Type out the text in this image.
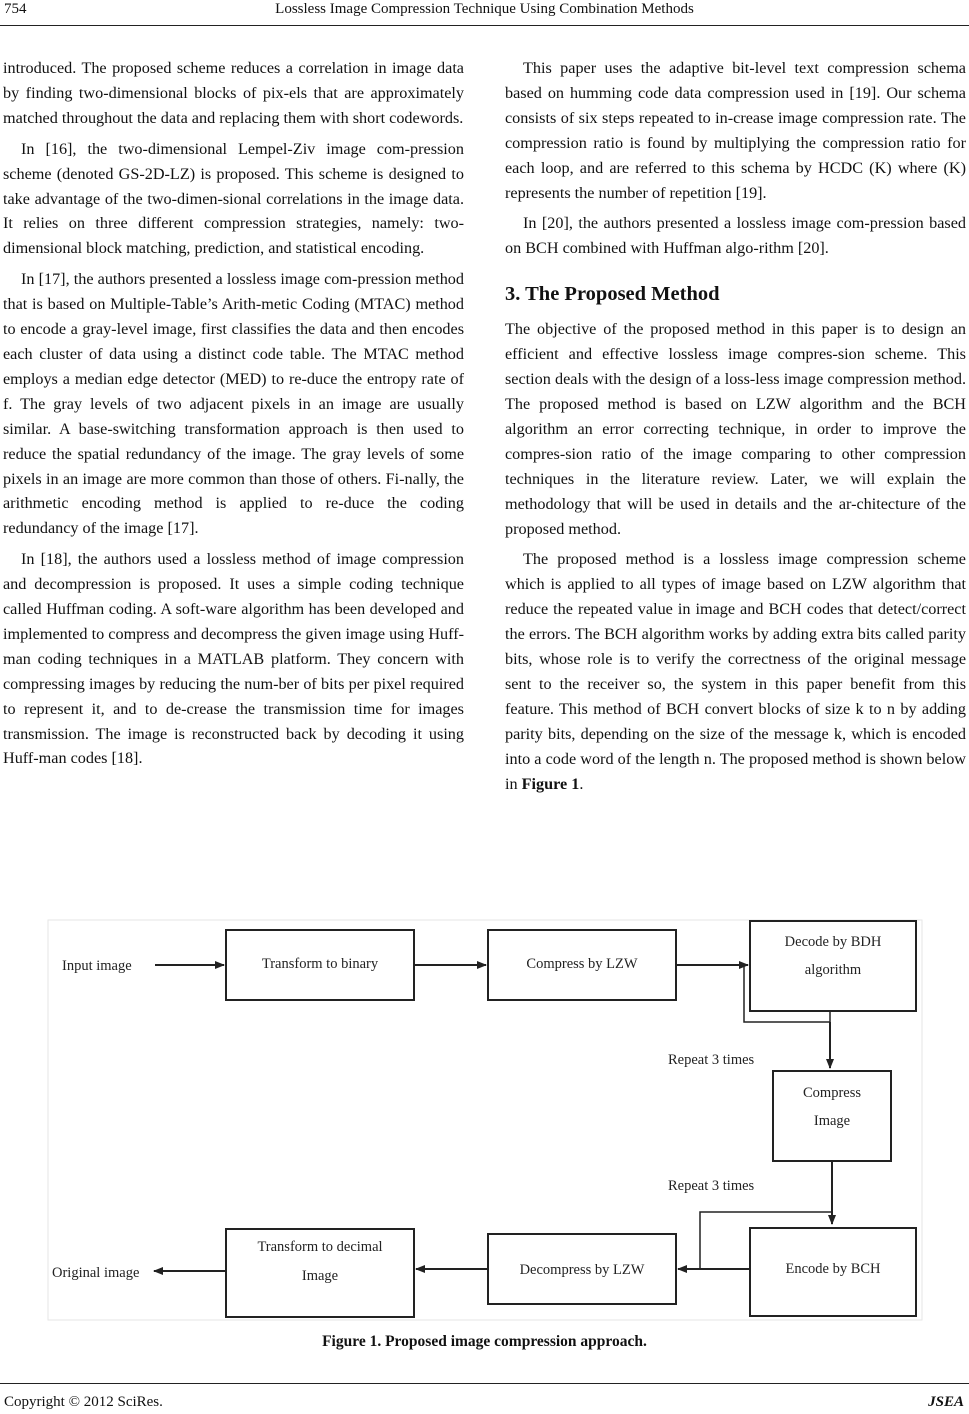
754	Lossless Image Compression Technique Using Combination Methods

introduced. The proposed scheme reduces a correlation in image data by finding two-dimensional blocks of pix-els that are approximately matched throughout the data and replacing them with short codewords.

In [16], the two-dimensional Lempel-Ziv image com-pression scheme (denoted GS-2D-LZ) is proposed. This scheme is designed to take advantage of the two-dimen-sional correlations in the image data. It relies on three different compression strategies, namely: two-dimensional block matching, prediction, and statistical encoding.

In [17], the authors presented a lossless image com-pression method that is based on Multiple-Table’s Arith-metic Coding (MTAC) method to encode a gray-level image, first classifies the data and then encodes each cluster of data using a distinct code table. The MTAC method employs a median edge detector (MED) to re-duce the entropy rate of f. The gray levels of two adjacent pixels in an image are usually similar. A base-switching transformation approach is then used to reduce the spatial redundancy of the image. The gray levels of some pixels in an image are more common than those of others. Fi-nally, the arithmetic encoding method is applied to re-duce the coding redundancy of the image [17].

In [18], the authors used a lossless method of image compression and decompression is proposed. It uses a simple coding technique called Huffman coding. A soft-ware algorithm has been developed and implemented to compress and decompress the given image using Huff-man coding techniques in a MATLAB platform. They concern with compressing images by reducing the num-ber of bits per pixel required to represent it, and to de-crease the transmission time for images transmission. The image is reconstructed back by decoding it using Huff-man codes [18].

This paper uses the adaptive bit-level text compression schema based on humming code data compression used in [19]. Our schema consists of six steps repeated to in-crease image compression rate. The compression ratio is found by multiplying the compression ratio for each loop, and are referred to this schema by HCDC (K) where (K) represents the number of repetition [19].

In [20], the authors presented a lossless image com-pression based on BCH combined with Huffman algo-rithm [20].

3. The Proposed Method

The objective of the proposed method in this paper is to design an efficient and effective lossless image compres-sion scheme. This section deals with the design of a loss-less image compression method. The proposed method is based on LZW algorithm and the BCH algorithm an error correcting technique, in order to improve the compres-sion ratio of the image comparing to other compression techniques in the literature review. Later, we will explain the methodology that will be used in details and the ar-chitecture of the proposed method.

The proposed method is a lossless image compression scheme which is applied to all types of image based on LZW algorithm that reduce the repeated value in image and BCH codes that detect/correct the errors. The BCH algorithm works by adding extra bits called parity bits, whose role is to verify the correctness of the original message sent to the receiver so, the system in this paper benefit from this feature. This method of BCH convert blocks of size k to n by adding parity bits, depending on the size of the message k, which is encoded into a code word of the length n. The proposed method is shown below in Figure 1.

Input image	Transform to binary	Compress by LZW
Decode by BDH
algorithm
Repeat 3 times
Compress
Image
Repeat 3 times
Encode by BCH
Decompress by LZW
Transform to decimal
Image
Original image
Figure 1. Proposed image compression approach.
Copyright © 2012 SciRes.	JSEA
